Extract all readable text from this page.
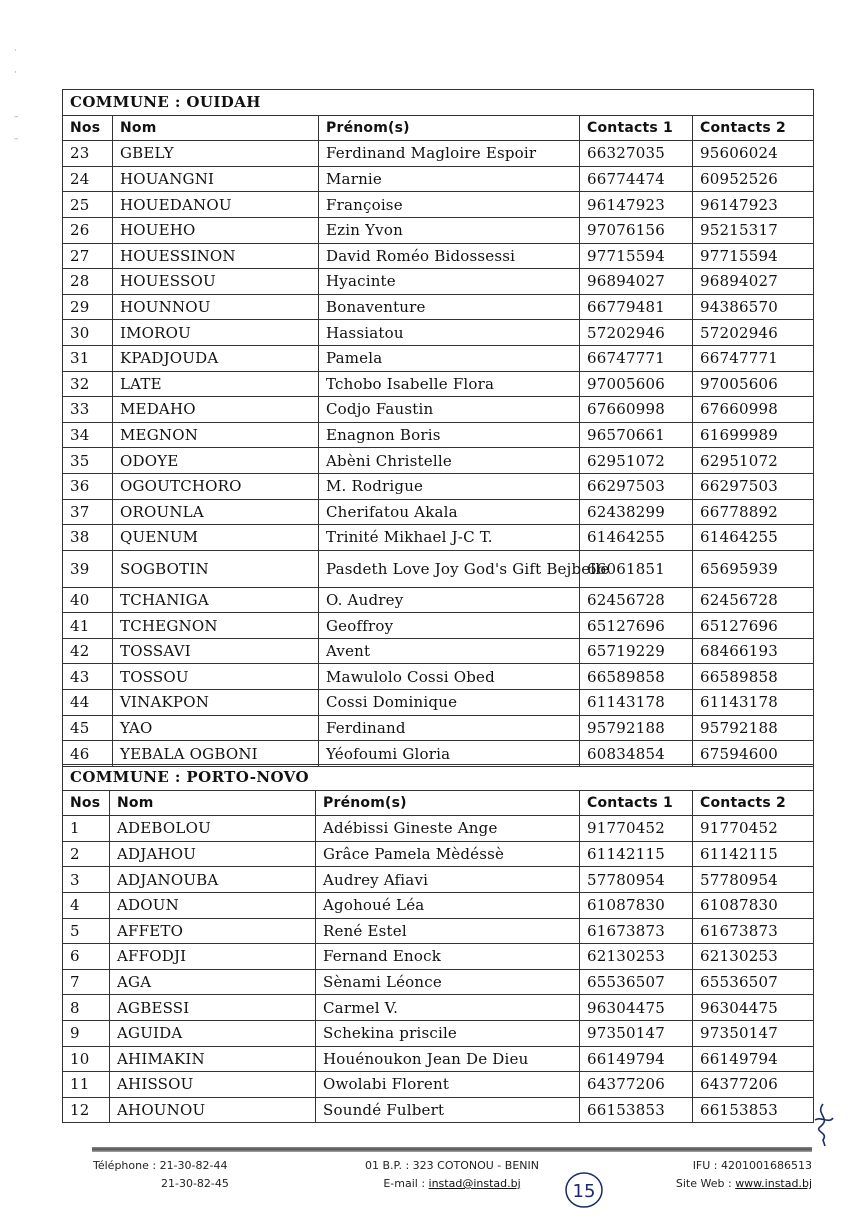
·
·

–
–
COMMUNE : OUIDAH				
Nos	Nom	Prénom(s)	Contacts 1	Contacts 2
23	GBELY	Ferdinand Magloire Espoir	66327035	95606024
24	HOUANGNI	Marnie	66774474	60952526
25	HOUEDANOU	Françoise	96147923	96147923
26	HOUEHO	Ezin Yvon	97076156	95215317
27	HOUESSINON	David Roméo Bidossessi	97715594	97715594
28	HOUESSOU	Hyacinte	96894027	96894027
29	HOUNNOU	Bonaventure	66779481	94386570
30	IMOROU	Hassiatou	57202946	57202946
31	KPADJOUDA	Pamela	66747771	66747771
32	LATE	Tchobo Isabelle Flora	97005606	97005606
33	MEDAHO	Codjo Faustin	67660998	67660998
34	MEGNON	Enagnon Boris	96570661	61699989
35	ODOYE	Abèni Christelle	62951072	62951072
36	OGOUTCHORO	M. Rodrigue	66297503	66297503
37	OROUNLA	Cherifatou Akala	62438299	66778892
38	QUENUM	Trinité Mikhael J-C T.	61464255	61464255
39	SOGBOTIN	Pasdeth Love Joy God's Gift Bejbelle	66061851	65695939
40	TCHANIGA	O. Audrey	62456728	62456728
41	TCHEGNON	Geoffroy	65127696	65127696
42	TOSSAVI	Avent	65719229	68466193
43	TOSSOU	Mawulolo Cossi Obed	66589858	66589858
44	VINAKPON	Cossi Dominique	61143178	61143178
45	YAO	Ferdinand	95792188	95792188
46	YEBALA OGBONI	Yéofoumi Gloria	60834854	67594600
COMMUNE : PORTO-NOVO				
Nos	Nom	Prénom(s)	Contacts 1	Contacts 2
1	ADEBOLOU	Adébissi Gineste Ange	91770452	91770452
2	ADJAHOU	Grâce Pamela Mèdéssè	61142115	61142115
3	ADJANOUBA	Audrey Afiavi	57780954	57780954
4	ADOUN	Agohoué Léa	61087830	61087830
5	AFFETO	René Estel	61673873	61673873
6	AFFODJI	Fernand Enock	62130253	62130253
7	AGA	Sènami Léonce	65536507	65536507
8	AGBESSI	Carmel V.	96304475	96304475
9	AGUIDA	Schekina priscile	97350147	97350147
10	AHIMAKIN	Houénoukon Jean De Dieu	66149794	66149794
11	AHISSOU	Owolabi Florent	64377206	64377206
12	AHOUNOU	Soundé Fulbert	66153853	66153853
Téléphone : 21-30-82-44
21-30-82-45
01 B.P. : 323 COTONOU - BENIN
E-mail : instad@instad.bj
IFU : 4201001686513
Site Web : www.instad.bj
15
